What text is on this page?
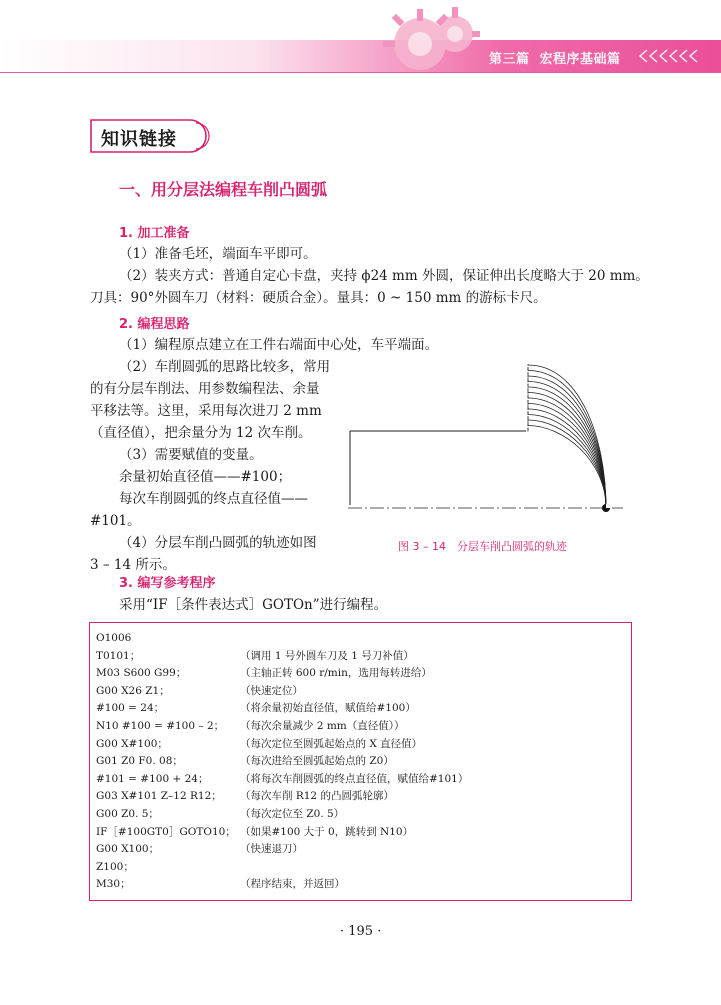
第三篇 宏程序基础篇
知识链接
一、用分层法编程车削凸圆弧
1. 加工准备
（1）准备毛坯，端面车平即可。
（2）装夹方式：普通自定心卡盘，夹持 ϕ24 mm 外圆，保证伸出长度略大于 20 mm。
刀具：90°外圆车刀（材料：硬质合金）。量具：0 ~ 150 mm 的游标卡尺。
2. 编程思路
（1）编程原点建立在工件右端面中心处，车平端面。
（2）车削圆弧的思路比较多，常用
的有分层车削法、用参数编程法、余量
平移法等。这里，采用每次进刀 2 mm
（直径值），把余量分为 12 次车削。
（3）需要赋值的变量。
余量初始直径值——#100；
每次车削圆弧的终点直径值——
#101。
（4）分层车削凸圆弧的轨迹如图
3 – 14 所示。
图 3 – 14　分层车削凸圆弧的轨迹
3. 编写参考程序
采用“IF［条件表达式］GOTOn”进行编程。
O1006
T0101；	（调用 1 号外圆车刀及 1 号刀补值）
M03 S600 G99；	（主轴正转 600 r/min，选用每转进给）
G00 X26 Z1；	（快速定位）
#100 = 24；	（将余量初始直径值，赋值给#100）
N10 #100 = #100 – 2； （每次余量减少 2 mm（直径值））
G00 X#100；	（每次定位至圆弧起始点的 X 直径值）
G01 Z0 F0. 08；	（每次进给至圆弧起始点的 Z0）
#101 = #100 + 24；	（将每次车削圆弧的终点直径值，赋值给#101）
G03 X#101 Z–12 R12； （每次车削 R12 的凸圆弧轮廓）
G00 Z0. 5；	（每次定位至 Z0. 5）
IF［#100GT0］GOTO10； （如果#100 大于 0，跳转到 N10）
G00 X100；	（快速退刀）
Z100；
M30；	（程序结束，并返回）
· 195 ·
